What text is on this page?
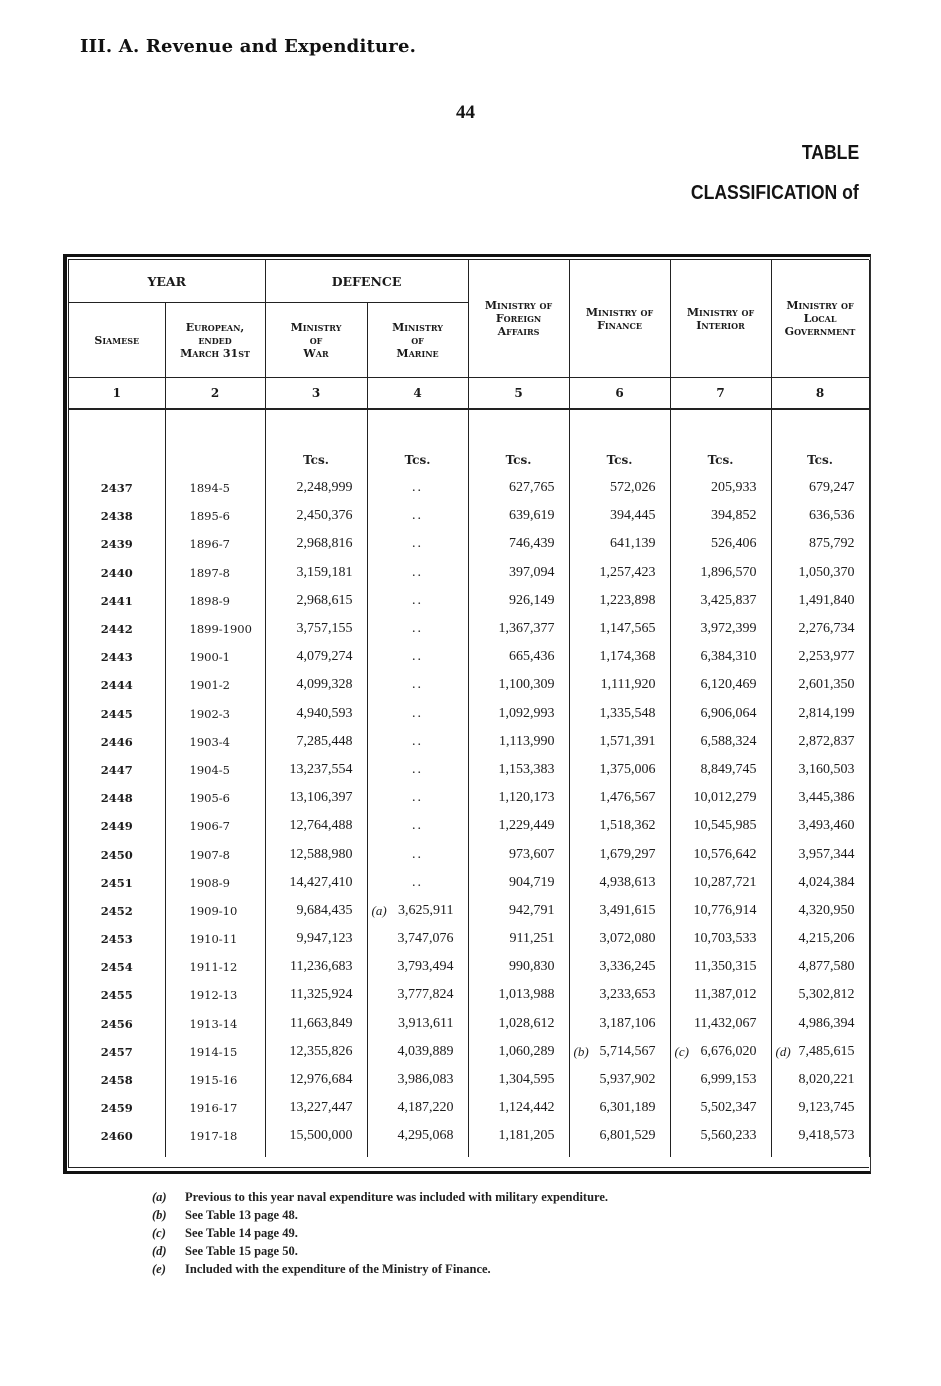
III. A. Revenue and Expenditure.
44
TABLE
CLASSIFICATION of
YEAR		DEFENCE		Ministry of
Foreign
Affairs	Ministry of
Finance	Ministry of
Interior	Ministry of
Local
Government
Siamese	European,
ended
March 31st	Ministry
of
War	Ministry
of
Marine				
1	2	3	4	5	6	7	8

		Tcs.	Tcs.	Tcs.	Tcs.	Tcs.	Tcs.
2437	1894-5	2,248,999	..	627,765	572,026	205,933	679,247
2438	1895-6	2,450,376	..	639,619	394,445	394,852	636,536
2439	1896-7	2,968,816	..	746,439	641,139	526,406	875,792
2440	1897-8	3,159,181	..	397,094	1,257,423	1,896,570	1,050,370
2441	1898-9	2,968,615	..	926,149	1,223,898	3,425,837	1,491,840
2442	1899-1900	3,757,155	..	1,367,377	1,147,565	3,972,399	2,276,734
2443	1900-1	4,079,274	..	665,436	1,174,368	6,384,310	2,253,977
2444	1901-2	4,099,328	..	1,100,309	1,111,920	6,120,469	2,601,350
2445	1902-3	4,940,593	..	1,092,993	1,335,548	6,906,064	2,814,199
2446	1903-4	7,285,448	..	1,113,990	1,571,391	6,588,324	2,872,837
2447	1904-5	13,237,554	..	1,153,383	1,375,006	8,849,745	3,160,503
2448	1905-6	13,106,397	..	1,120,173	1,476,567	10,012,279	3,445,386
2449	1906-7	12,764,488	..	1,229,449	1,518,362	10,545,985	3,493,460
2450	1907-8	12,588,980	..	973,607	1,679,297	10,576,642	3,957,344
2451	1908-9	14,427,410	..	904,719	4,938,613	10,287,721	4,024,384
2452	1909-10	9,684,435	(a) 3,625,911	942,791	3,491,615	10,776,914	4,320,950
2453	1910-11	9,947,123	3,747,076	911,251	3,072,080	10,703,533	4,215,206
2454	1911-12	11,236,683	3,793,494	990,830	3,336,245	11,350,315	4,877,580
2455	1912-13	11,325,924	3,777,824	1,013,988	3,233,653	11,387,012	5,302,812
2456	1913-14	11,663,849	3,913,611	1,028,612	3,187,106	11,432,067	4,986,394
2457	1914-15	12,355,826	4,039,889	1,060,289	(b) 5,714,567	(c) 6,676,020	(d) 7,485,615
2458	1915-16	12,976,684	3,986,083	1,304,595	5,937,902	6,999,153	8,020,221
2459	1916-17	13,227,447	4,187,220	1,124,442	6,301,189	5,502,347	9,123,745
2460	1917-18	15,500,000	4,295,068	1,181,205	6,801,529	5,560,233	9,418,573
(a)	Previous to this year naval expenditure was included with military expenditure.
(b)	See Table 13 page 48.
(c)	See Table 14 page 49.
(d)	See Table 15 page 50.
(e)	Included with the expenditure of the Ministry of Finance.
